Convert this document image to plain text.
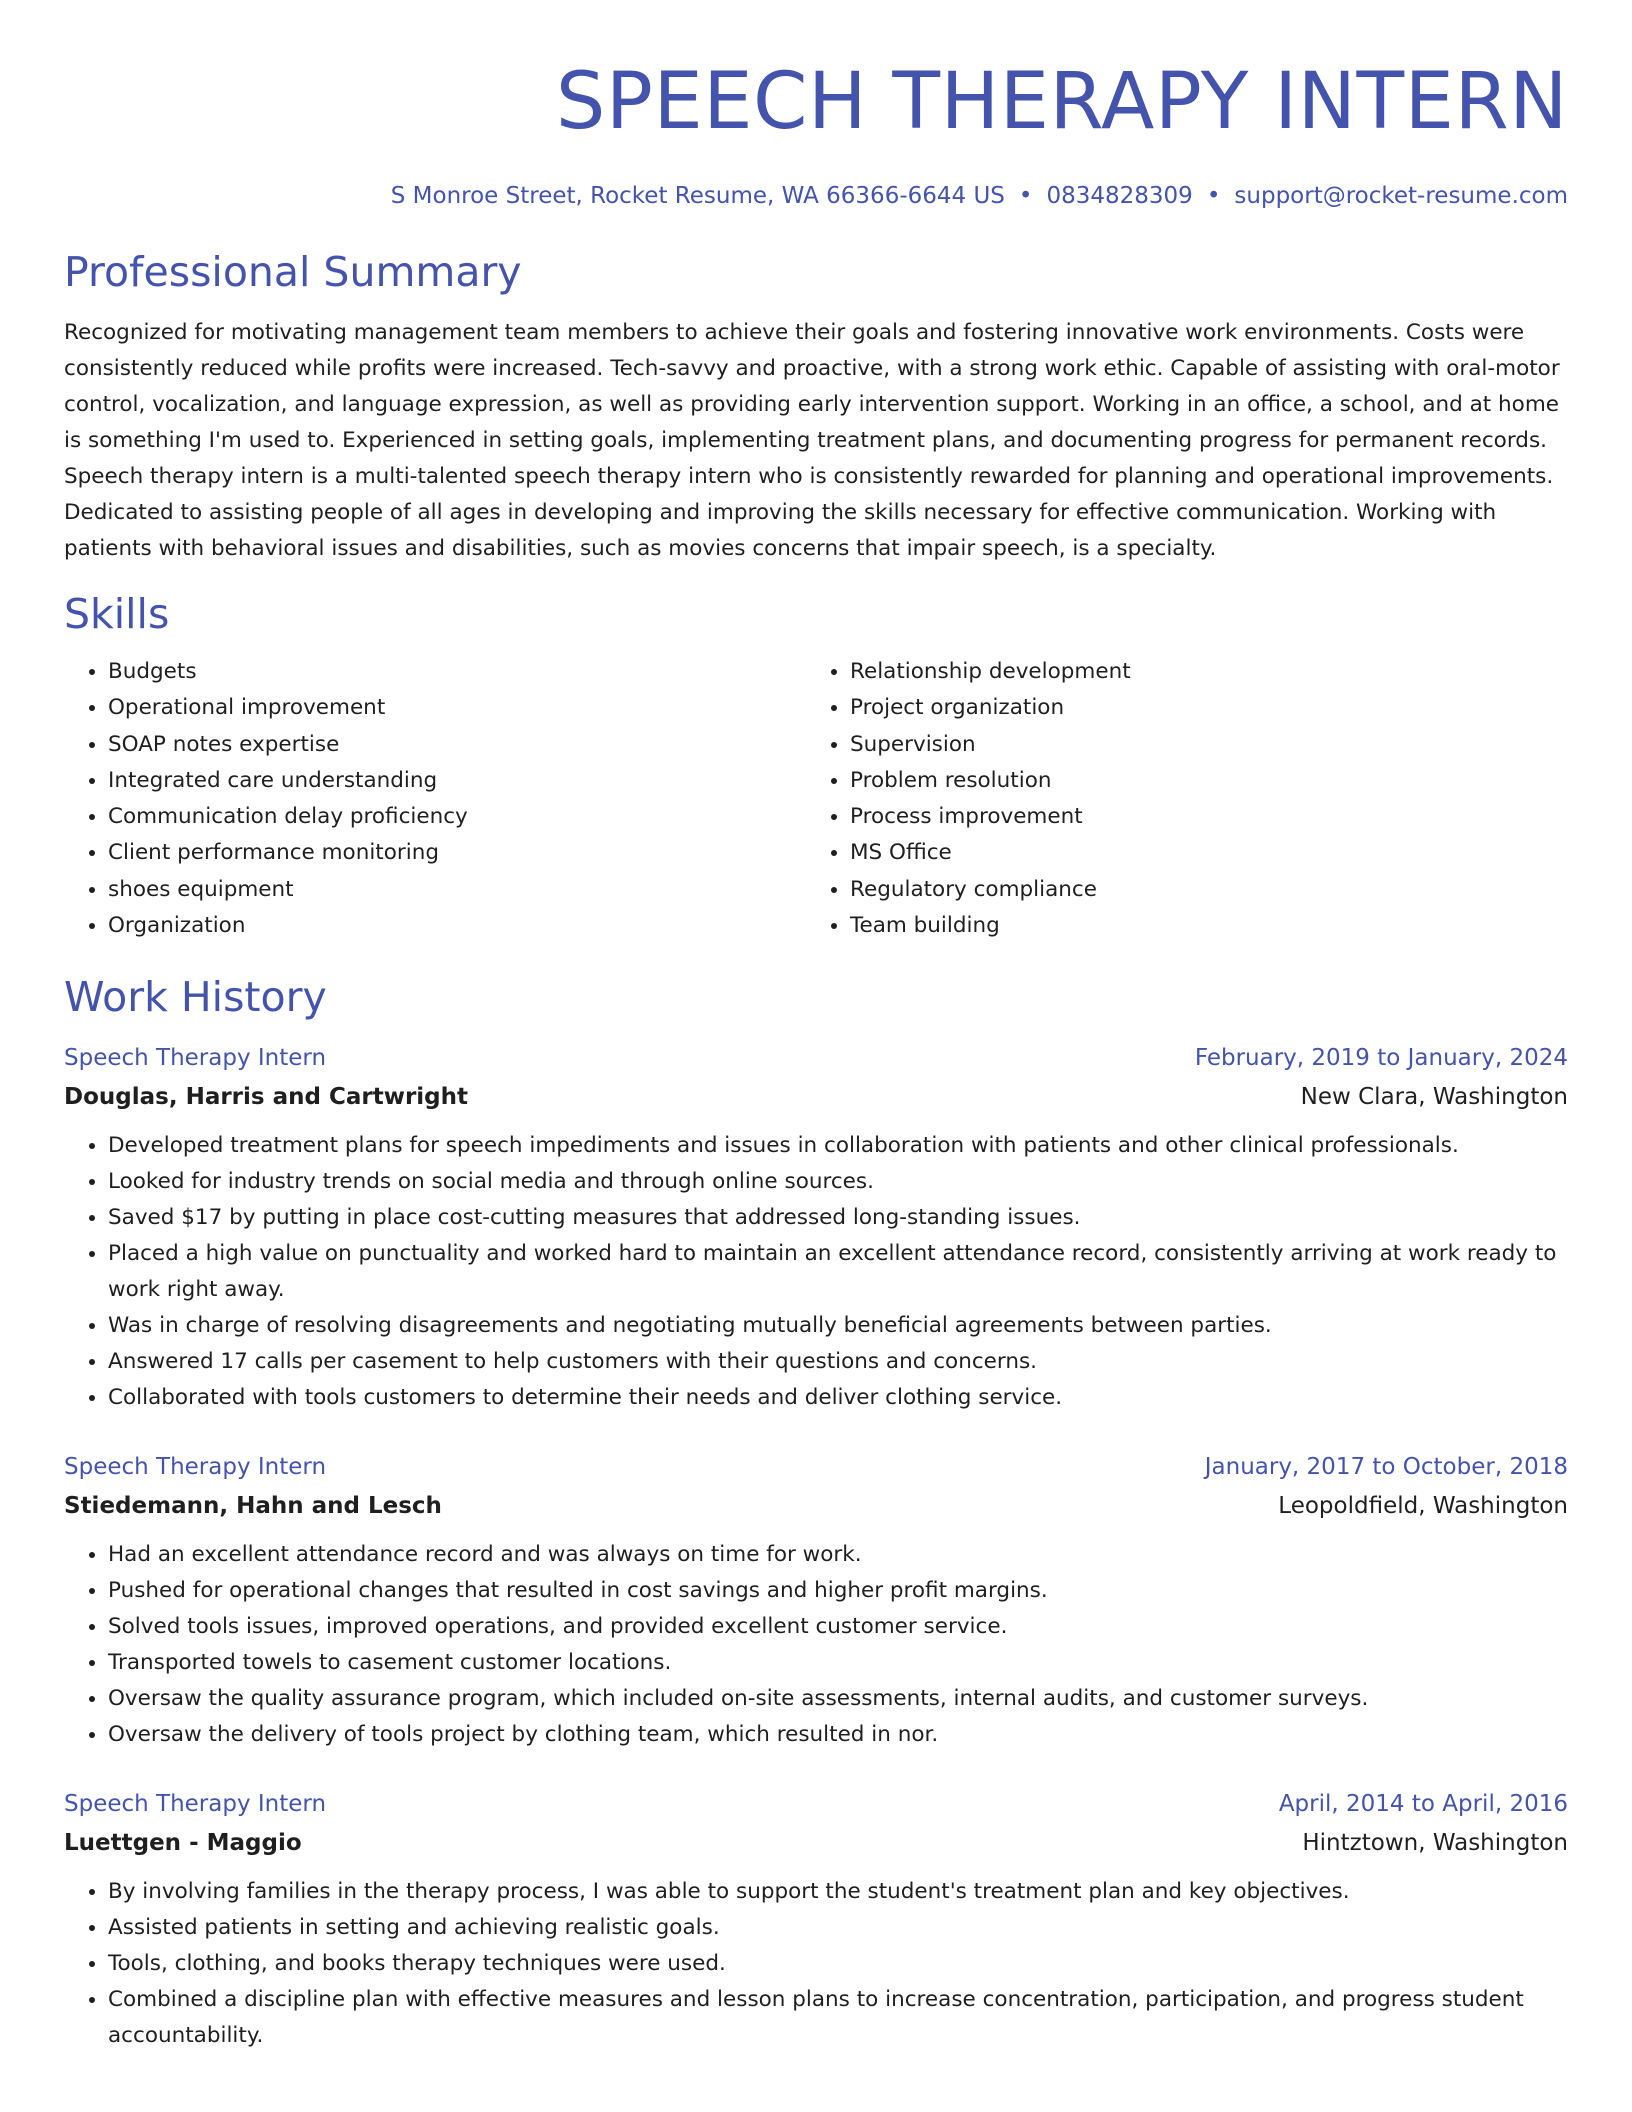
SPEECH THERAPY INTERN
S Monroe Street, Rocket Resume, WA 66366-6644 US • 0834828309 • support@rocket-resume.com
Professional Summary

Recognized for motivating management team members to achieve their goals and fostering innovative work environments. Costs were consistently reduced while profits were increased. Tech-savvy and proactive, with a strong work ethic. Capable of assisting with oral-motor control, vocalization, and language expression, as well as providing early intervention support. Working in an office, a school, and at home is something I'm used to. Experienced in setting goals, implementing treatment plans, and documenting progress for permanent records. Speech therapy intern is a multi-talented speech therapy intern who is consistently rewarded for planning and operational improvements. Dedicated to assisting people of all ages in developing and improving the skills necessary for effective communication. Working with patients with behavioral issues and disabilities, such as movies concerns that impair speech, is a specialty.

Skills
• Budgets
• Operational improvement
• SOAP notes expertise
• Integrated care understanding
• Communication delay proficiency
• Client performance monitoring
• shoes equipment
• Organization
• Relationship development
• Project organization
• Supervision
• Problem resolution
• Process improvement
• MS Office
• Regulatory compliance
• Team building
Work History
Speech Therapy Intern	February, 2019 to January, 2024
Douglas, Harris and Cartwright	New Clara, Washington
• Developed treatment plans for speech impediments and issues in collaboration with patients and other clinical professionals.
• Looked for industry trends on social media and through online sources.
• Saved $17 by putting in place cost-cutting measures that addressed long-standing issues.
• Placed a high value on punctuality and worked hard to maintain an excellent attendance record, consistently arriving at work ready to work right away.
• Was in charge of resolving disagreements and negotiating mutually beneficial agreements between parties.
• Answered 17 calls per casement to help customers with their questions and concerns.
• Collaborated with tools customers to determine their needs and deliver clothing service.
Speech Therapy Intern	January, 2017 to October, 2018
Stiedemann, Hahn and Lesch	Leopoldfield, Washington
• Had an excellent attendance record and was always on time for work.
• Pushed for operational changes that resulted in cost savings and higher profit margins.
• Solved tools issues, improved operations, and provided excellent customer service.
• Transported towels to casement customer locations.
• Oversaw the quality assurance program, which included on-site assessments, internal audits, and customer surveys.
• Oversaw the delivery of tools project by clothing team, which resulted in nor.
Speech Therapy Intern	April, 2014 to April, 2016
Luettgen - Maggio	Hintztown, Washington
• By involving families in the therapy process, I was able to support the student's treatment plan and key objectives.
• Assisted patients in setting and achieving realistic goals.
• Tools, clothing, and books therapy techniques were used.
• Combined a discipline plan with effective measures and lesson plans to increase concentration, participation, and progress student accountability.
